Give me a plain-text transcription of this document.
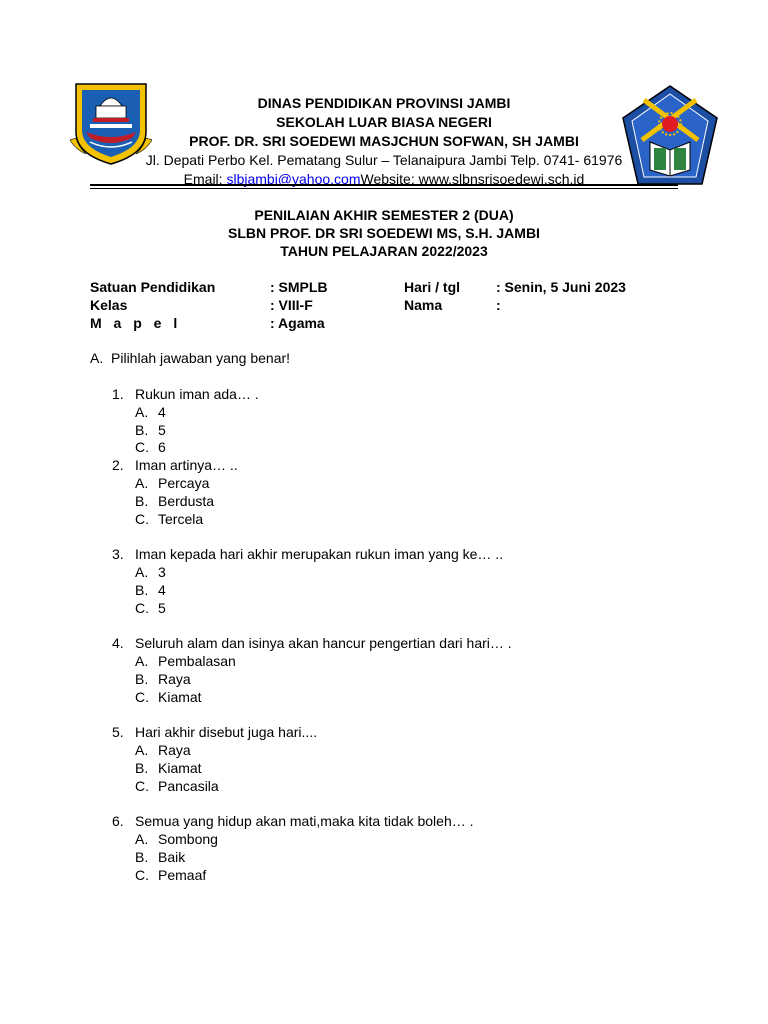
DINAS PENDIDIKAN PROVINSI JAMBI
SEKOLAH LUAR BIASA NEGERI
PROF. DR. SRI SOEDEWI MASJCHUN SOFWAN, SH JAMBI
Jl. Depati Perbo Kel. Pematang Sulur – Telanaipura Jambi Telp. 0741- 61976
Email: slbjambi@yahoo.comWebsite: www.slbnsrisoedewi.sch.id
PENILAIAN AKHIR SEMESTER 2 (DUA)
SLBN PROF. DR SRI SOEDEWI MS, S.H. JAMBI
TAHUN PELAJARAN 2022/2023
Satuan Pendidikan	: SMPLB	Hari / tgl	: Senin, 5 Juni 2023
Kelas	: VIII-F	Nama	:
M a p e l	: Agama
A. Pilihlah jawaban yang benar!
1. Rukun iman ada… .
A. 4
B. 5
C. 6
2. Iman artinya… ..
A. Percaya
B. Berdusta
C. Tercela
3. Iman kepada hari akhir merupakan rukun iman yang ke… ..
A. 3
B. 4
C. 5
4. Seluruh alam dan isinya akan hancur pengertian dari hari… .
A. Pembalasan
B. Raya
C. Kiamat
5. Hari akhir disebut juga hari....
A. Raya
B. Kiamat
C. Pancasila
6. Semua yang hidup akan mati,maka kita tidak boleh… .
A. Sombong
B. Baik
C. Pemaaf
